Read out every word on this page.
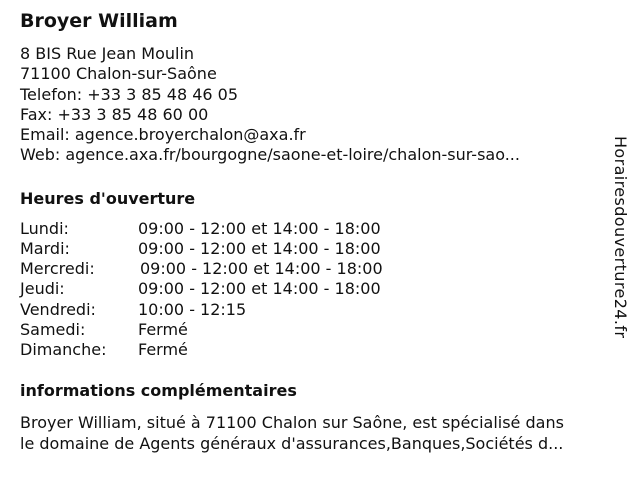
Broyer William
8 BIS Rue Jean Moulin
71100 Chalon-sur-Saône
Telefon: +33 3 85 48 46 05
Fax: +33 3 85 48 60 00
Email: agence.broyerchalon@axa.fr
Web: agence.axa.fr/bourgogne/saone-et-loire/chalon-sur-sao...
Heures d'ouverture
Lundi:	09:00 - 12:00 et 14:00 - 18:00
Mardi:	09:00 - 12:00 et 14:00 - 18:00
Mercredi:	09:00 - 12:00 et 14:00 - 18:00
Jeudi:	09:00 - 12:00 et 14:00 - 18:00
Vendredi:	10:00 - 12:15
Samedi:	Fermé
Dimanche: Fermé
informations complémentaires
Broyer William, situé à 71100 Chalon sur Saône, est spécialisé dans
le domaine de Agents généraux d'assurances,Banques,Sociétés d...
Horairesdouverture24.fr
